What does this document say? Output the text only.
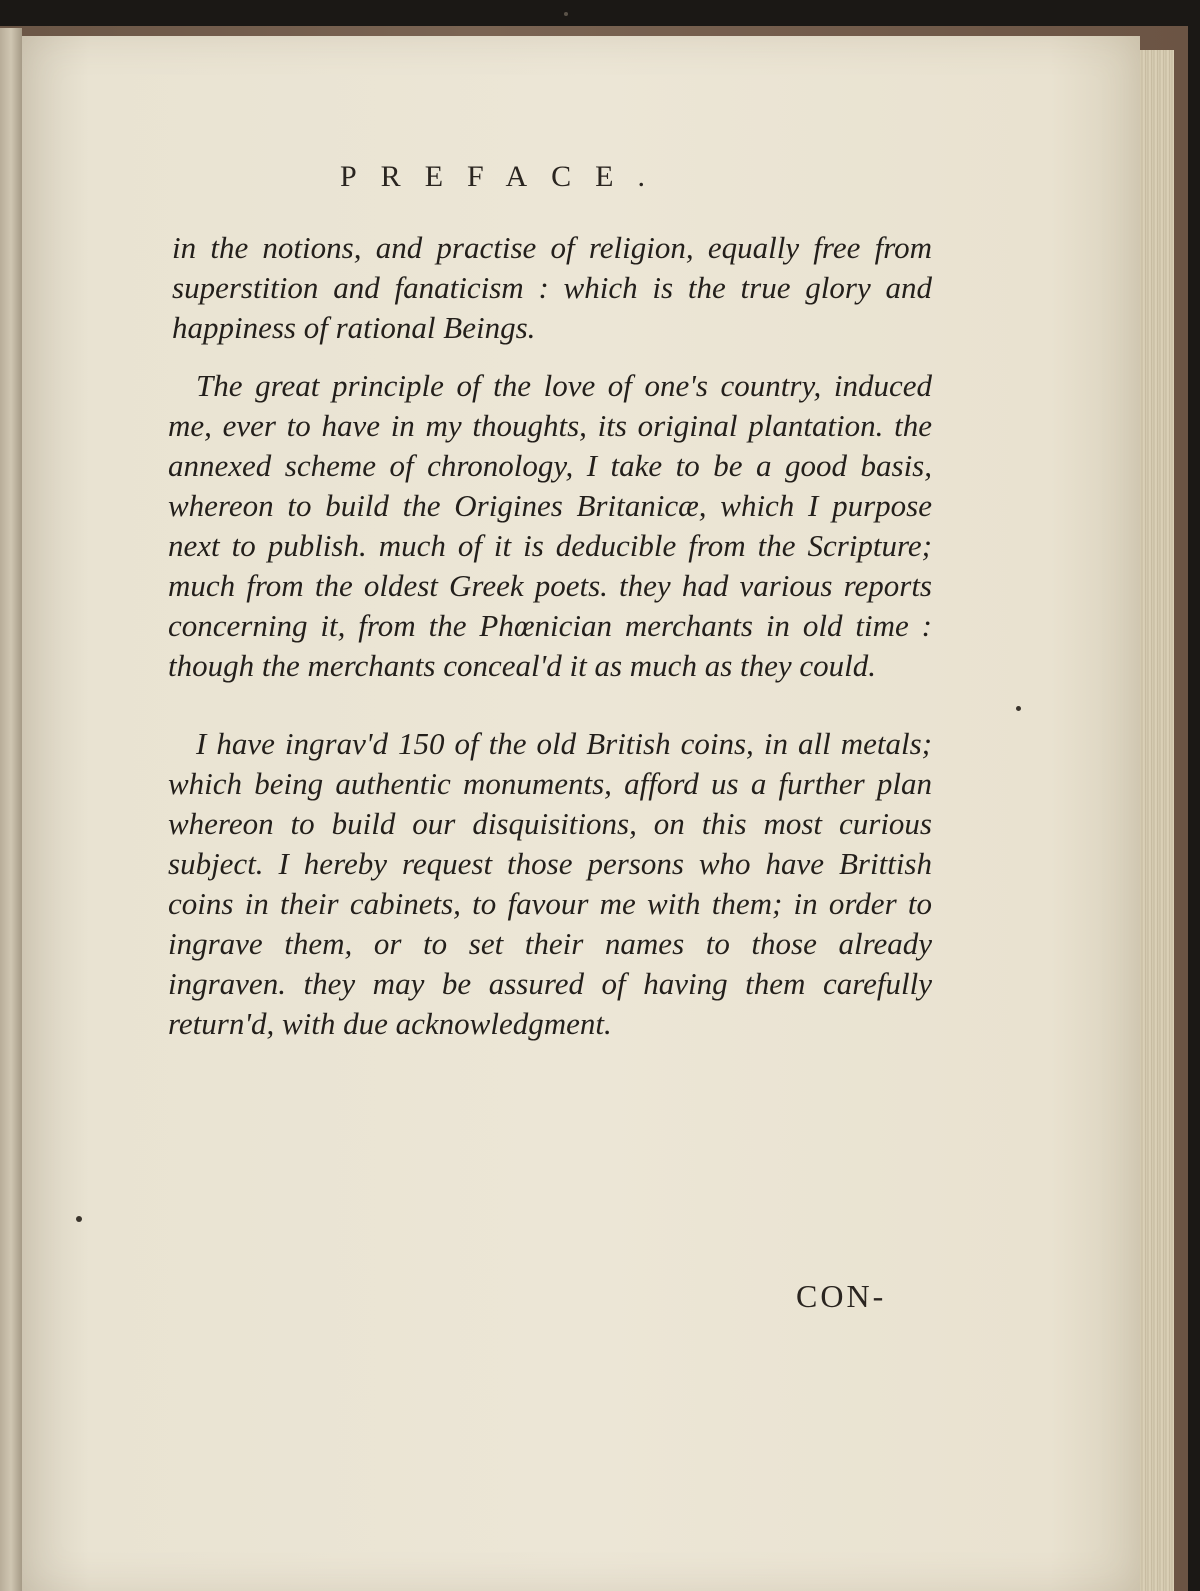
PREFACE.

in the notions, and practise of religion, equally free from superstition and fanaticism : which is the true glory and happiness of rational Beings.

The great principle of the love of one's country, induced me, ever to have in my thoughts, its original plantation. the annexed scheme of chronology, I take to be a good basis, whereon to build the Origines Britanicæ, which I purpose next to publish. much of it is deducible from the Scripture; much from the oldest Greek poets. they had various reports concerning it, from the Phœnician merchants in old time : though the merchants conceal'd it as much as they could.

I have ingrav'd 150 of the old British coins, in all metals; which being authentic monuments, afford us a further plan whereon to build our disquisitions, on this most curious subject. I hereby request those persons who have Brittish coins in their cabinets, to favour me with them; in order to ingrave them, or to set their names to those already ingraven. they may be assured of having them carefully return'd, with due acknowledgment.

CON-
